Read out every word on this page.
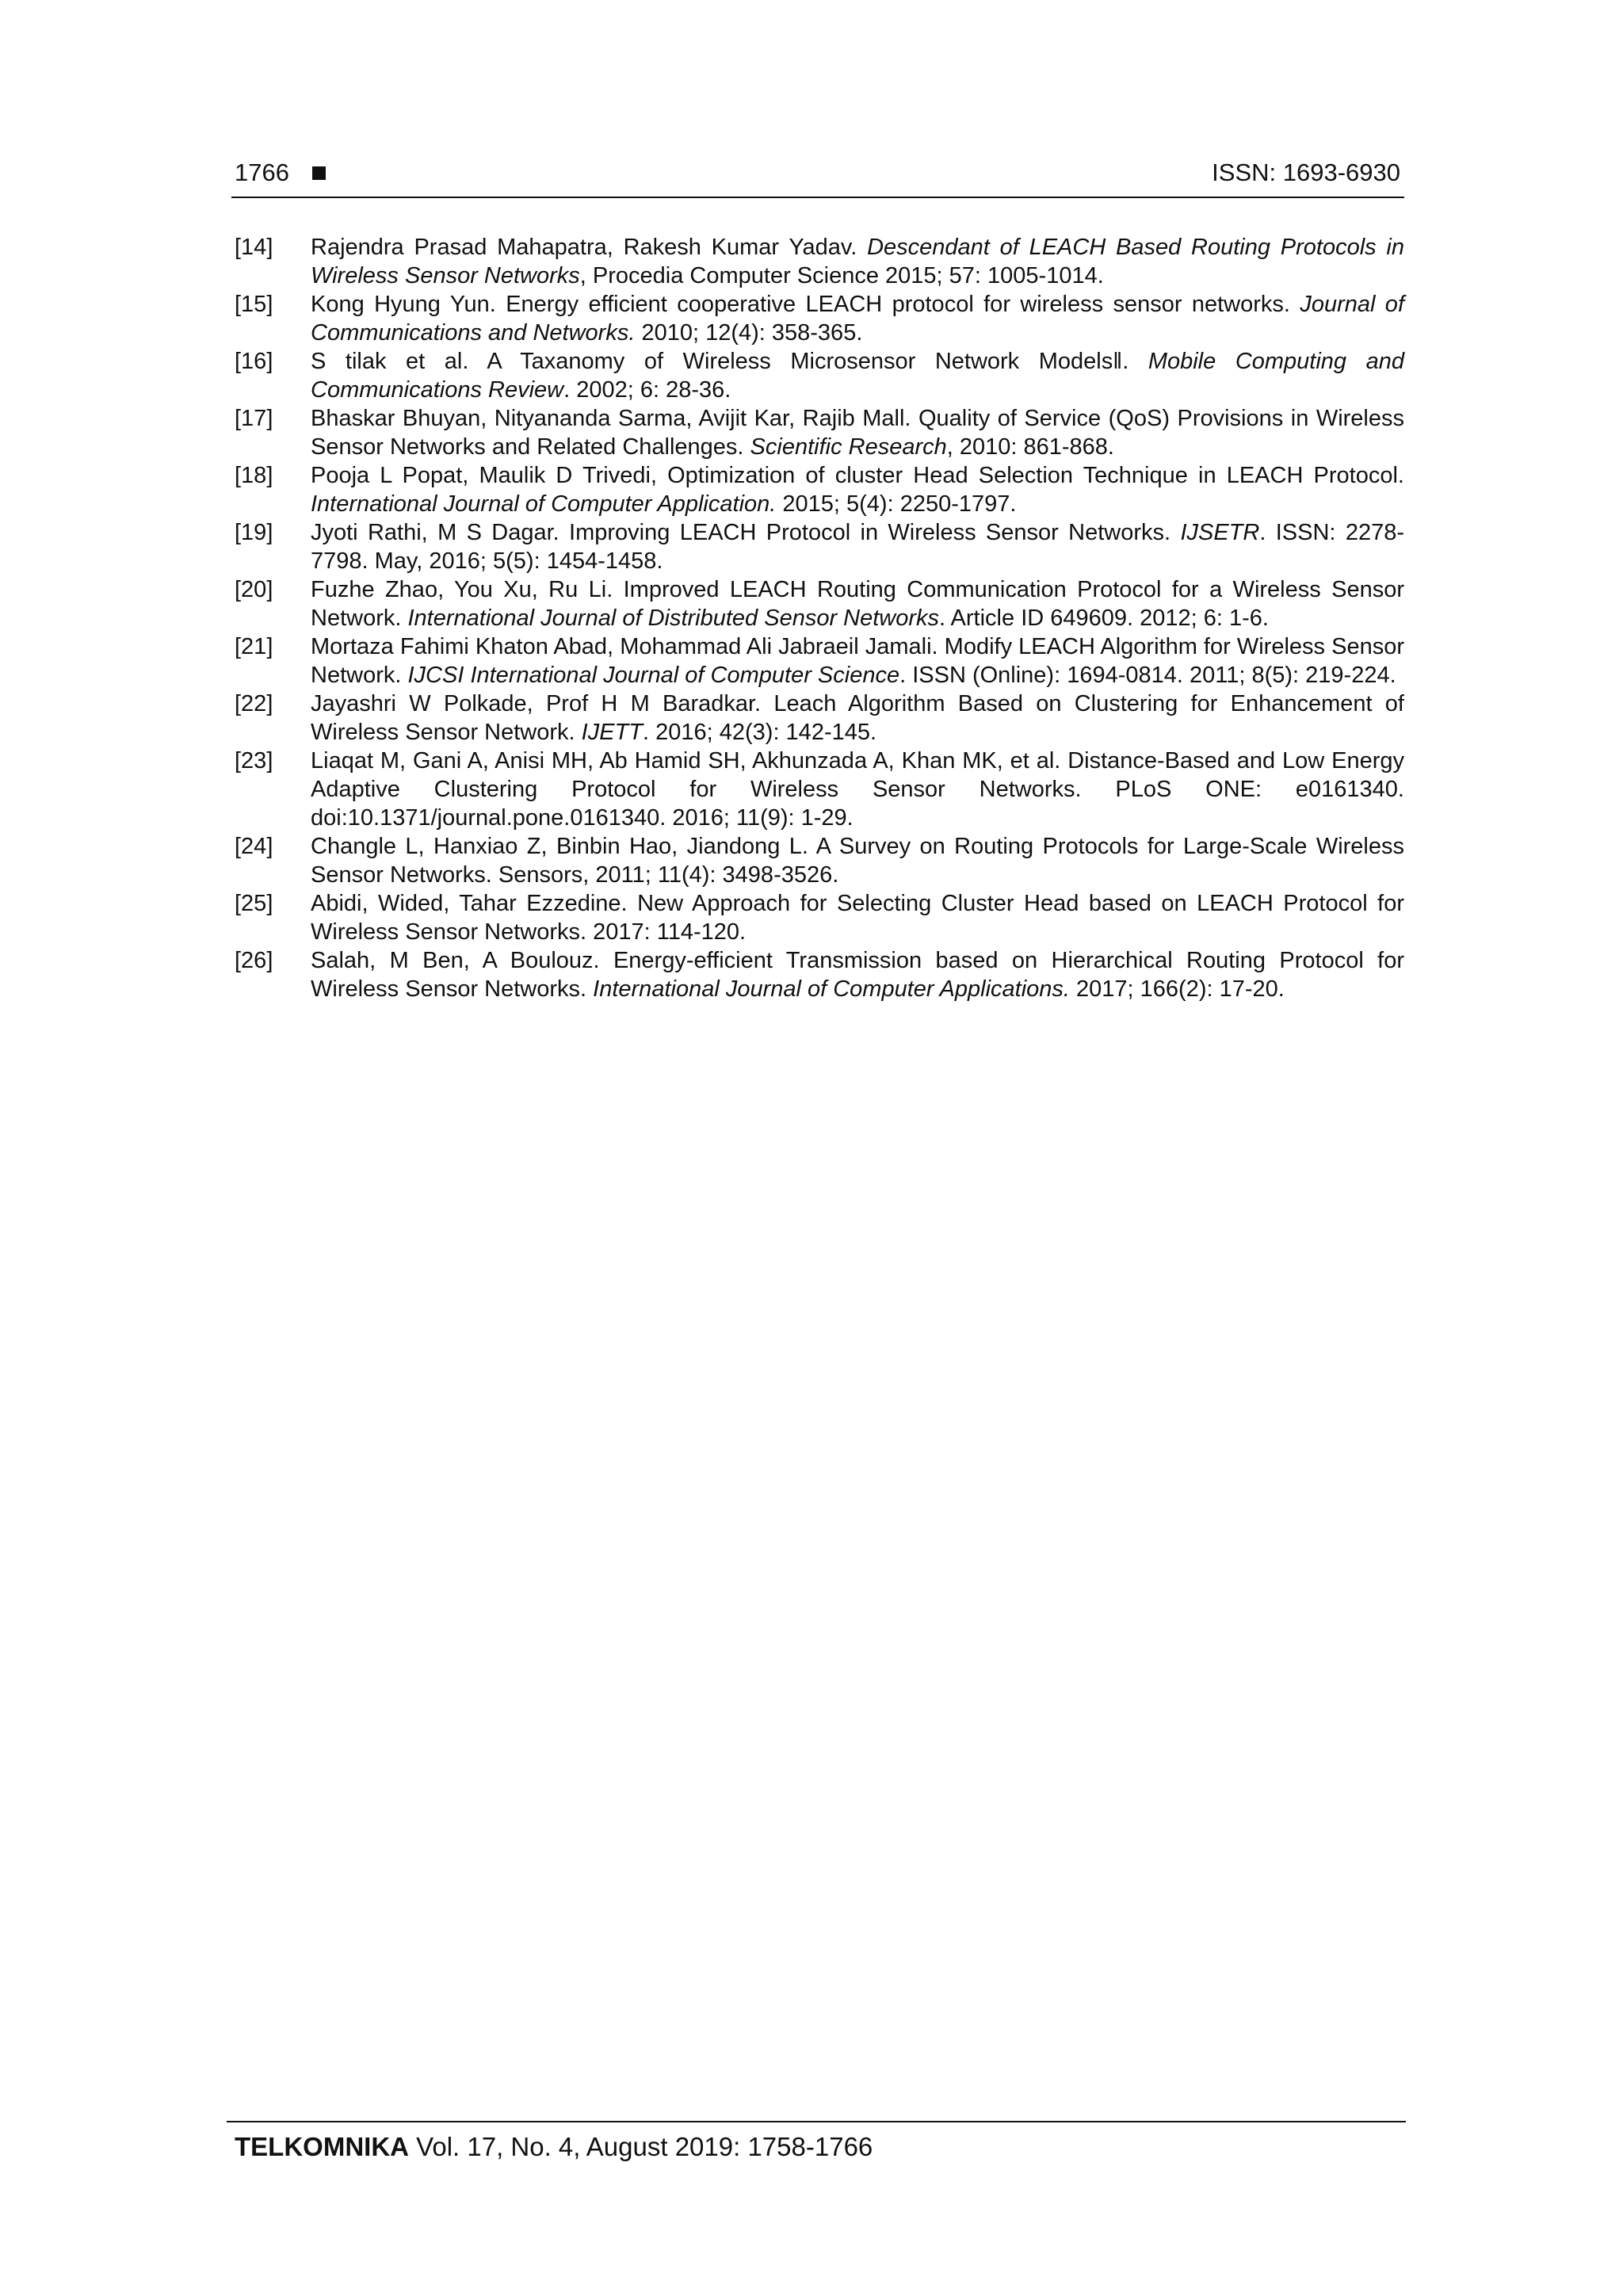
1766	ISSN: 1693-6930
[14]	Rajendra Prasad Mahapatra, Rakesh Kumar Yadav. Descendant of LEACH Based Routing Protocols in Wireless Sensor Networks, Procedia Computer Science 2015; 57: 1005-1014.
[15]	Kong Hyung Yun. Energy efficient cooperative LEACH protocol for wireless sensor networks. Journal of Communications and Networks. 2010; 12(4): 358-365.
[16]	S tilak et al. A Taxanomy of Wireless Microsensor Network Models‖. Mobile Computing and Communications Review. 2002; 6: 28-36.
[17]	Bhaskar Bhuyan, Nityananda Sarma, Avijit Kar, Rajib Mall. Quality of Service (QoS) Provisions in Wireless Sensor Networks and Related Challenges. Scientific Research, 2010: 861-868.
[18]	Pooja L Popat, Maulik D Trivedi, Optimization of cluster Head Selection Technique in LEACH Protocol. International Journal of Computer Application. 2015; 5(4): 2250-1797.
[19]	Jyoti Rathi, M S Dagar. Improving LEACH Protocol in Wireless Sensor Networks. IJSETR. ISSN: 2278-7798. May, 2016; 5(5): 1454-1458.
[20]	Fuzhe Zhao, You Xu, Ru Li. Improved LEACH Routing Communication Protocol for a Wireless Sensor Network. International Journal of Distributed Sensor Networks. Article ID 649609. 2012; 6: 1-6.
[21]	Mortaza Fahimi Khaton Abad, Mohammad Ali Jabraeil Jamali. Modify LEACH Algorithm for Wireless Sensor Network. IJCSI International Journal of Computer Science. ISSN (Online): 1694-0814. 2011; 8(5): 219-224.
[22]	Jayashri W Polkade, Prof H M Baradkar. Leach Algorithm Based on Clustering for Enhancement of Wireless Sensor Network. IJETT. 2016; 42(3): 142-145.
[23]	Liaqat M, Gani A, Anisi MH, Ab Hamid SH, Akhunzada A, Khan MK, et al. Distance-Based and Low Energy Adaptive Clustering Protocol for Wireless Sensor Networks. PLoS ONE: e0161340. doi:10.1371/journal.pone.0161340. 2016; 11(9): 1-29.
[24]	Changle L, Hanxiao Z, Binbin Hao, Jiandong L. A Survey on Routing Protocols for Large-Scale Wireless Sensor Networks. Sensors, 2011; 11(4): 3498-3526.
[25]	Abidi, Wided, Tahar Ezzedine. New Approach for Selecting Cluster Head based on LEACH Protocol for Wireless Sensor Networks. 2017: 114-120.
[26]	Salah, M Ben, A Boulouz. Energy-efficient Transmission based on Hierarchical Routing Protocol for Wireless Sensor Networks. International Journal of Computer Applications. 2017; 166(2): 17-20.
TELKOMNIKA Vol. 17, No. 4, August 2019: 1758-1766
